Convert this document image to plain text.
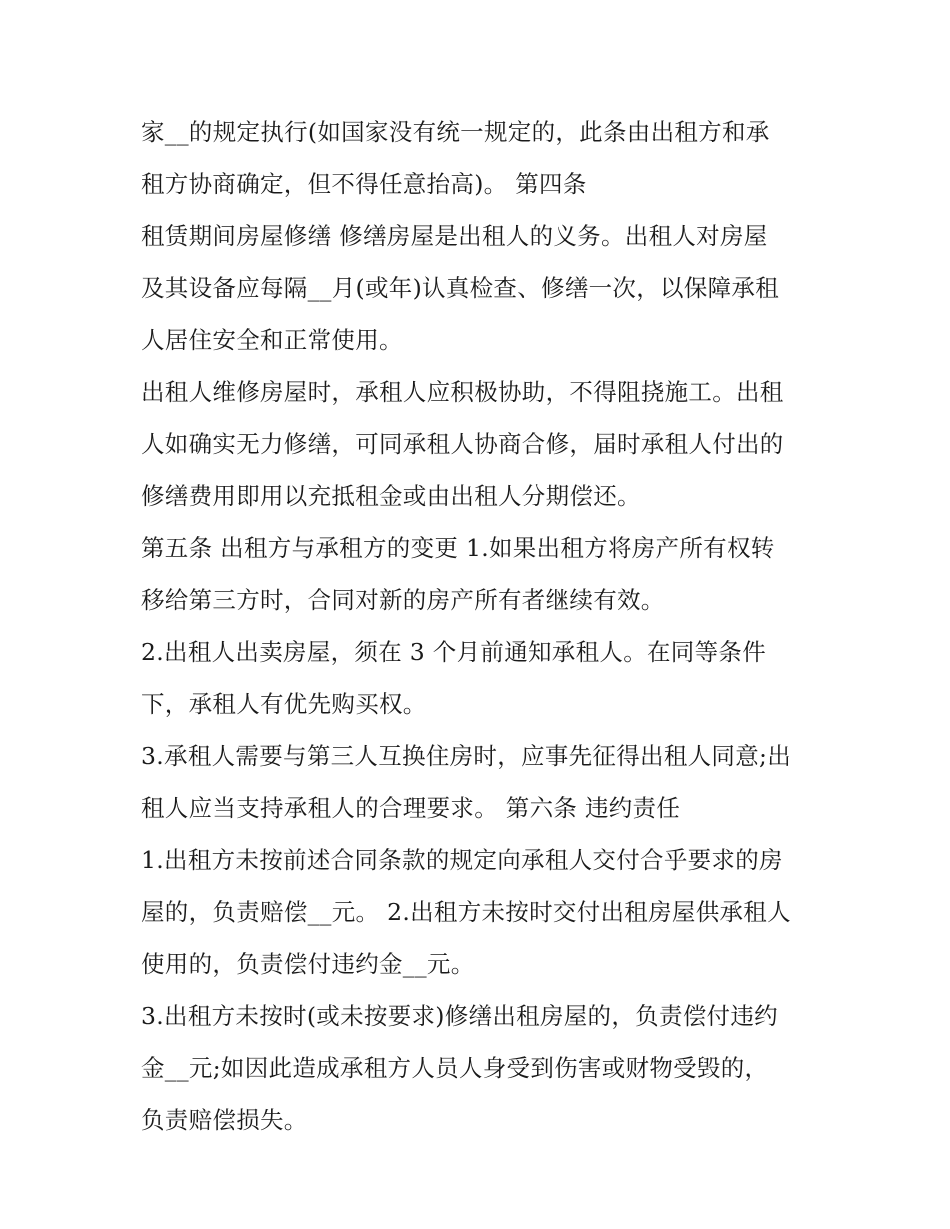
家__的规定执行(如国家没有统一规定的，此条由出租方和承
租方协商确定，但不得任意抬高)。 第四条
租赁期间房屋修缮 修缮房屋是出租人的义务。出租人对房屋
及其设备应每隔__月(或年)认真检查、修缮一次，以保障承租
人居住安全和正常使用。
出租人维修房屋时，承租人应积极协助，不得阻挠施工。出租
人如确实无力修缮，可同承租人协商合修，届时承租人付出的
修缮费用即用以充抵租金或由出租人分期偿还。
第五条 出租方与承租方的变更 1.如果出租方将房产所有权转
移给第三方时，合同对新的房产所有者继续有效。
2.出租人出卖房屋，须在 3 个月前通知承租人。在同等条件
下，承租人有优先购买权。
3.承租人需要与第三人互换住房时，应事先征得出租人同意;出
租人应当支持承租人的合理要求。 第六条 违约责任
1.出租方未按前述合同条款的规定向承租人交付合乎要求的房
屋的，负责赔偿__元。 2.出租方未按时交付出租房屋供承租人
使用的，负责偿付违约金__元。
3.出租方未按时(或未按要求)修缮出租房屋的，负责偿付违约
金__元;如因此造成承租方人员人身受到伤害或财物受毁的，
负责赔偿损失。
